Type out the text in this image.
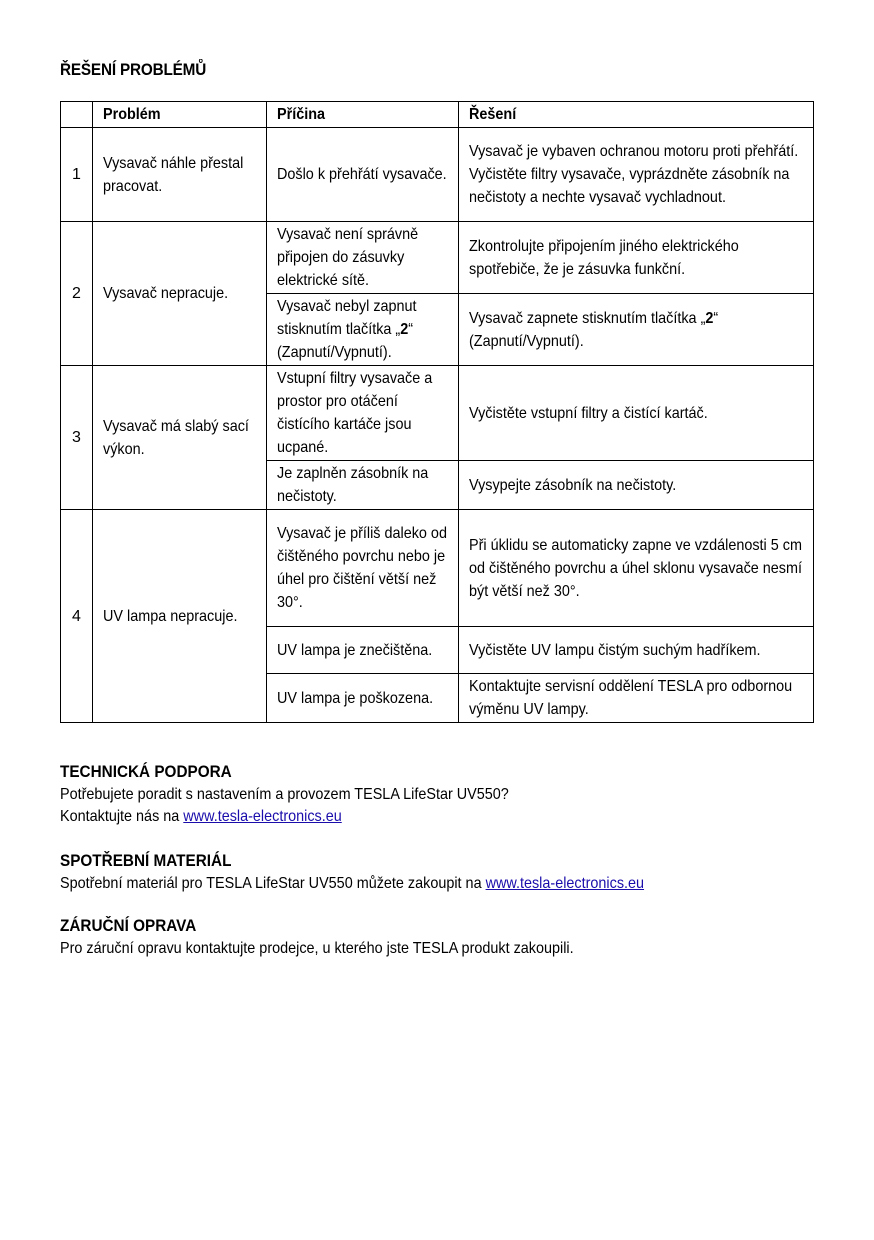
ŘEŠENÍ PROBLÉMŮ
	Problém	Příčina	Řešení
1	Vysavač náhle přestal pracovat.	Došlo k přehřátí vysavače.	Vysavač je vybaven ochranou motoru proti přehřátí. Vyčistěte filtry vysavače, vyprázdněte zásobník na nečistoty a nechte vysavač vychladnout.
2	Vysavač nepracuje.	Vysavač není správně připojen do zásuvky elektrické sítě.	Zkontrolujte připojením jiného elektrického spotřebiče, že je zásuvka funkční.
		Vysavač nebyl zapnut stisknutím tlačítka „2“ (Zapnutí/Vypnutí).	Vysavač zapnete stisknutím tlačítka „2“ (Zapnutí/Vypnutí).
3	Vysavač má slabý sací výkon.	Vstupní filtry vysavače a prostor pro otáčení čistícího kartáče jsou ucpané.	Vyčistěte vstupní filtry a čistící kartáč.
		Je zaplněn zásobník na nečistoty.	Vysypejte zásobník na nečistoty.
4	UV lampa nepracuje.	Vysavač je příliš daleko od čištěného povrchu nebo je úhel pro čištění větší než 30°.	Při úklidu se automaticky zapne ve vzdálenosti 5 cm od čištěného povrchu a úhel sklonu vysavače nesmí být větší než 30°.
		UV lampa je znečištěna.	Vyčistěte UV lampu čistým suchým hadříkem.
		UV lampa je poškozena.	Kontaktujte servisní oddělení TESLA pro odbornou výměnu UV lampy.
TECHNICKÁ PODPORA

Potřebujete poradit s nastavením a provozem TESLA LifeStar UV550?

Kontaktujte nás na www.tesla-electronics.eu

SPOTŘEBNÍ MATERIÁL

Spotřební materiál pro TESLA LifeStar UV550 můžete zakoupit na www.tesla-electronics.eu

ZÁRUČNÍ OPRAVA

Pro záruční opravu kontaktujte prodejce, u kterého jste TESLA produkt zakoupili.
